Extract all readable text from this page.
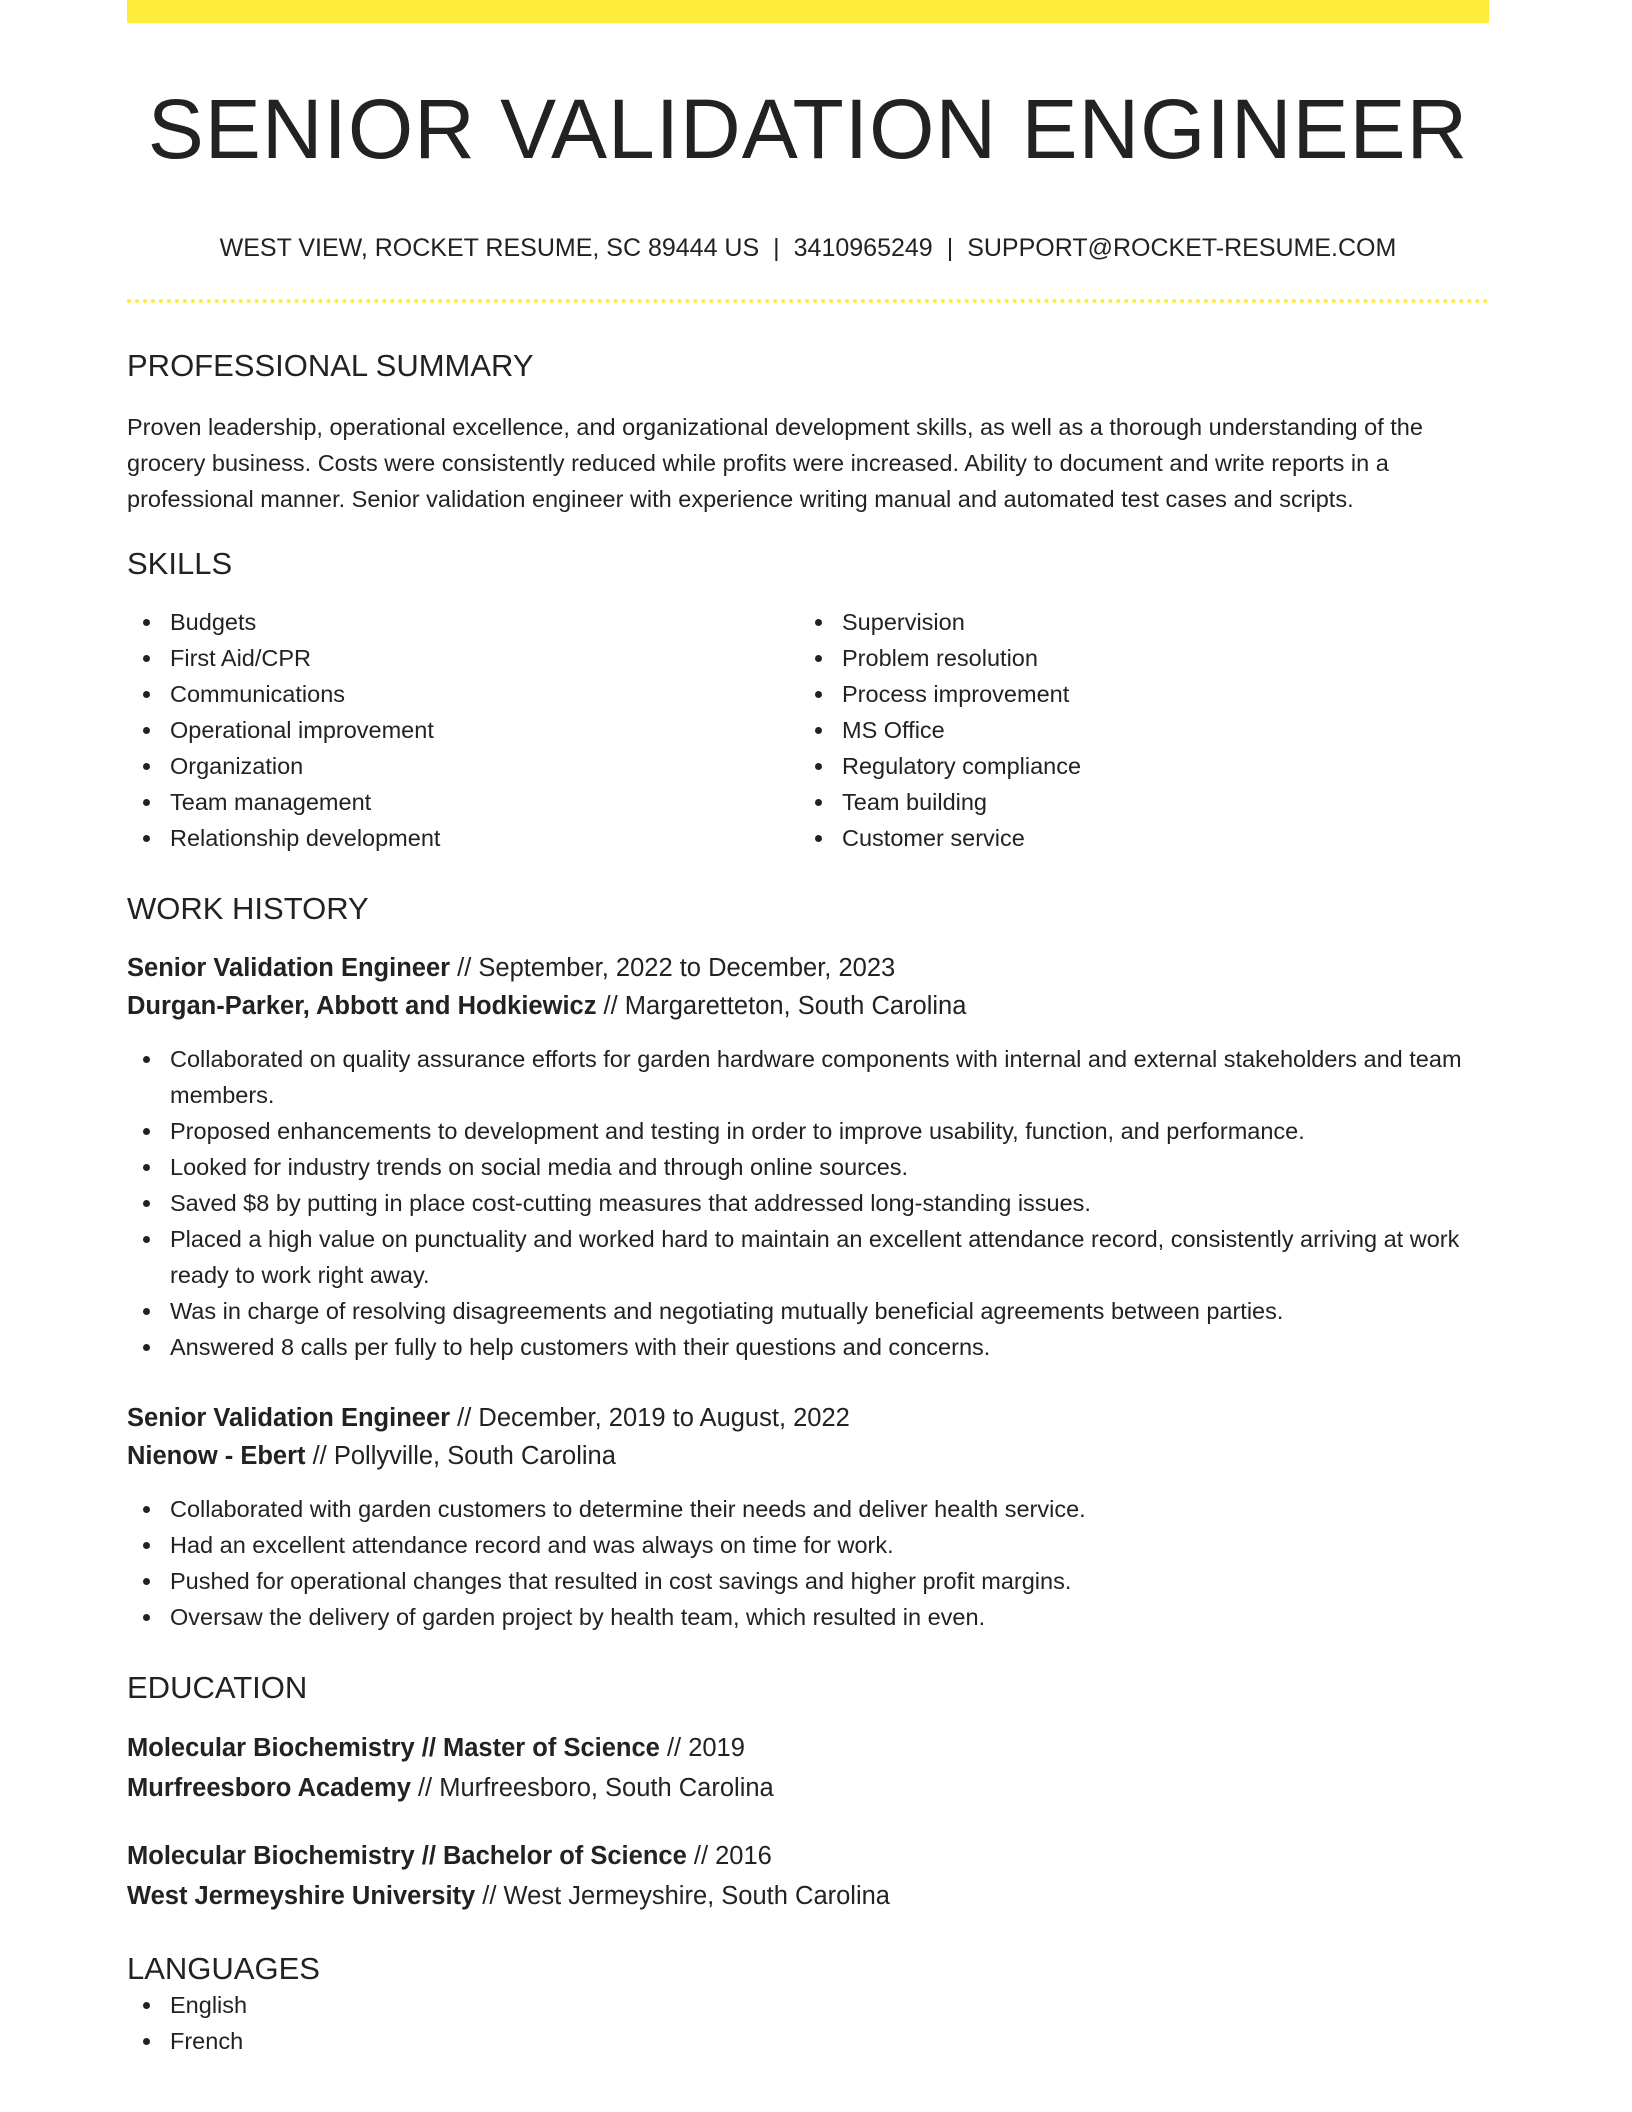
SENIOR VALIDATION ENGINEER
WEST VIEW, ROCKET RESUME, SC 89444 US | 3410965249 | SUPPORT@ROCKET-RESUME.COM
PROFESSIONAL SUMMARY
Proven leadership, operational excellence, and organizational development skills, as well as a thorough understanding of the grocery business. Costs were consistently reduced while profits were increased. Ability to document and write reports in a professional manner. Senior validation engineer with experience writing manual and automated test cases and scripts.
SKILLS
Budgets
First Aid/CPR
Communications
Operational improvement
Organization
Team management
Relationship development
Supervision
Problem resolution
Process improvement
MS Office
Regulatory compliance
Team building
Customer service
WORK HISTORY
Senior Validation Engineer // September, 2022 to December, 2023
Durgan-Parker, Abbott and Hodkiewicz // Margaretteton, South Carolina
Collaborated on quality assurance efforts for garden hardware components with internal and external stakeholders and team members.
Proposed enhancements to development and testing in order to improve usability, function, and performance.
Looked for industry trends on social media and through online sources.
Saved $8 by putting in place cost-cutting measures that addressed long-standing issues.
Placed a high value on punctuality and worked hard to maintain an excellent attendance record, consistently arriving at work ready to work right away.
Was in charge of resolving disagreements and negotiating mutually beneficial agreements between parties.
Answered 8 calls per fully to help customers with their questions and concerns.
Senior Validation Engineer // December, 2019 to August, 2022
Nienow - Ebert // Pollyville, South Carolina
Collaborated with garden customers to determine their needs and deliver health service.
Had an excellent attendance record and was always on time for work.
Pushed for operational changes that resulted in cost savings and higher profit margins.
Oversaw the delivery of garden project by health team, which resulted in even.
EDUCATION
Molecular Biochemistry // Master of Science // 2019
Murfreesboro Academy // Murfreesboro, South Carolina
Molecular Biochemistry // Bachelor of Science // 2016
West Jermeyshire University // West Jermeyshire, South Carolina
LANGUAGES
English
French
